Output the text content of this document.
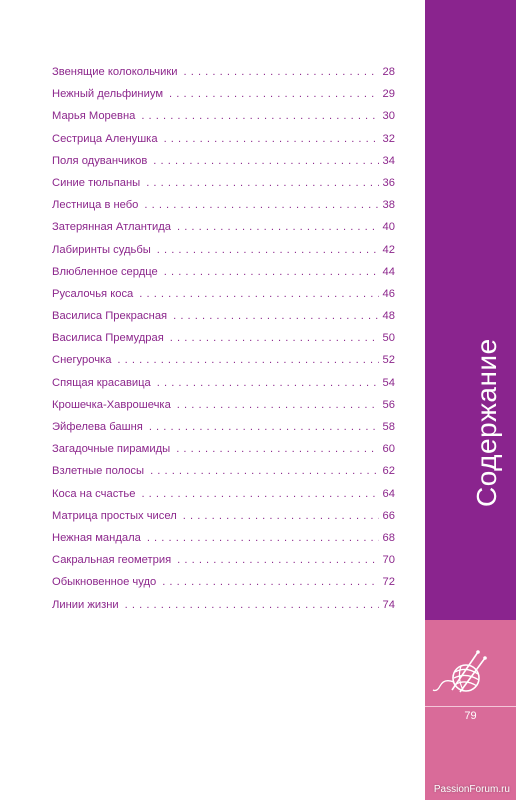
Звенящие колокольчики . . .	28
Нежный дельфиниум . . .	29
Марья Моревна . . .	30
Сестрица Аленушка . . .	32
Поля одуванчиков . . .	34
Синие тюльпаны . . .	36
Лестница в небо . . .	38
Затерянная Атлантида . . .	40
Лабиринты судьбы . . .	42
Влюбленное сердце . . .	44
Русалочья коса . . .	46
Василиса Прекрасная . . .	48
Василиса Премудрая . . .	50
Снегурочка . . .	52
Спящая красавица . . .	54
Крошечка-Хаврошечка . . .	56
Эйфелева башня . . .	58
Загадочные пирамиды . . .	60
Взлетные полосы . . .	62
Коса на счастье . . .	64
Матрица простых чисел . . .	66
Нежная мандала . . .	68
Сакральная геометрия . . .	70
Обыкновенное чудо . . .	72
Линии жизни . . .	74
Содержание
79
PassionForum.ru
